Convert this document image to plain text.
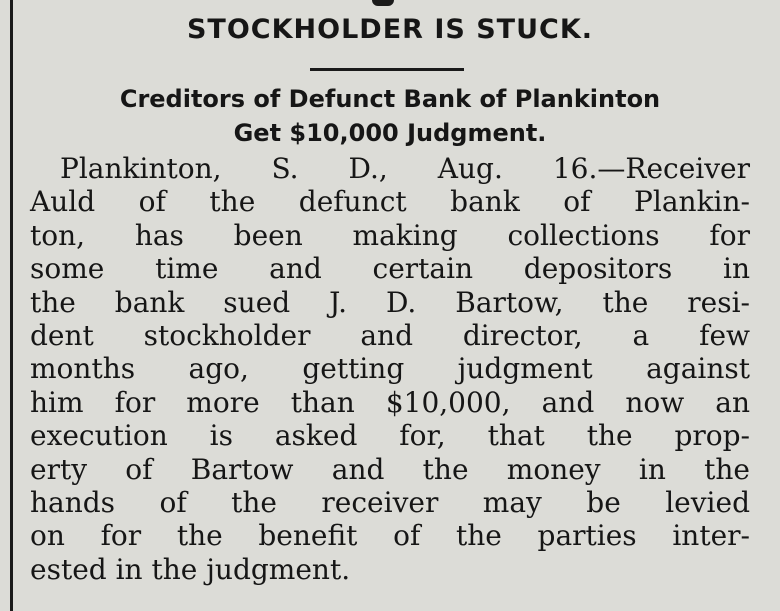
STOCKHOLDER IS STUCK.
Creditors of Defunct Bank of Plankinton
Get $10,000 Judgment.
Plankinton, S. D., Aug. 16.—Receiver
Auld of the defunct bank of Plankin-
ton, has been making collections for
some time and certain depositors in
the bank sued J. D. Bartow, the resi-
dent stockholder and director, a few
months ago, getting judgment against
him for more than $10,000, and now an
execution is asked for, that the prop-
erty of Bartow and the money in the
hands of the receiver may be levied
on for the benefit of the parties inter-
ested in the judgment.
